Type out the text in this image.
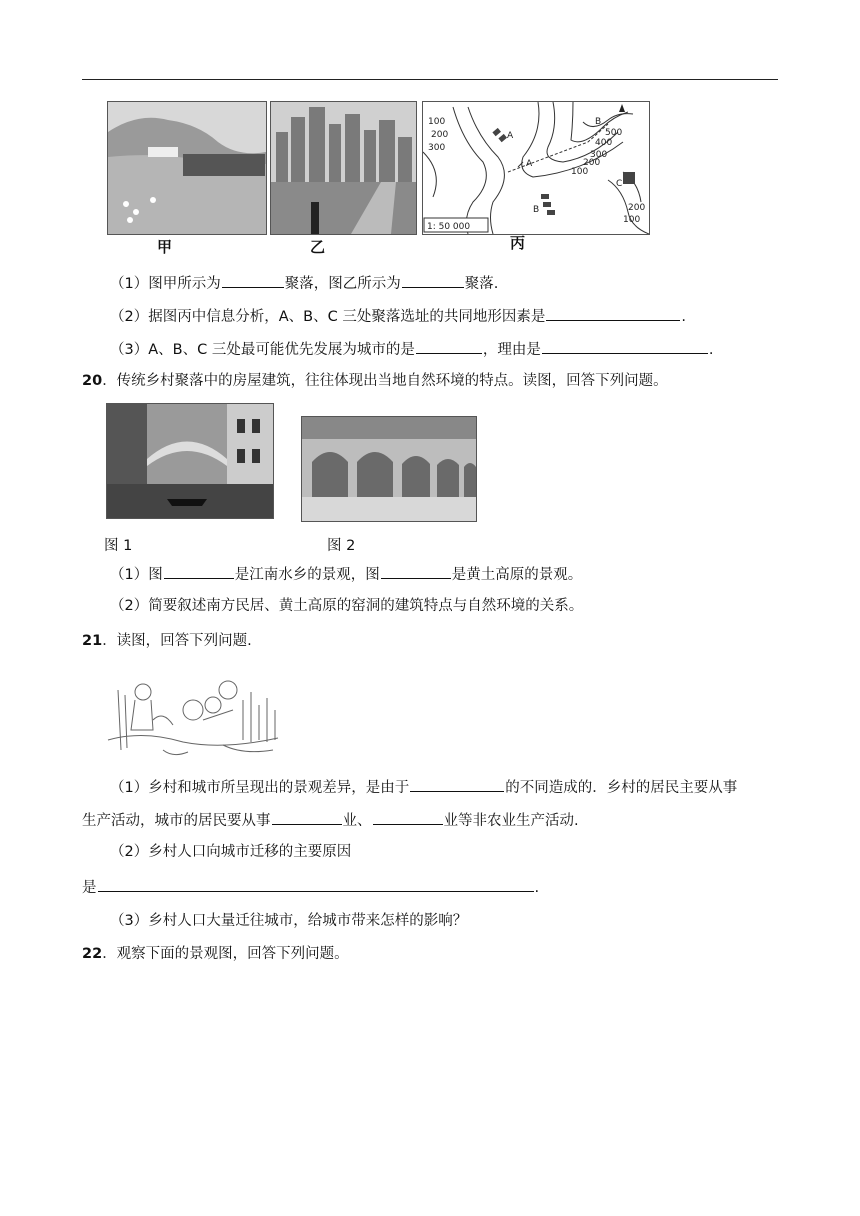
A
A
B
B
C
100
200
300
100
200
300
400
500
200
100
1: 50 000
甲	乙	丙
（1）图甲所示为	聚落，图乙所示为	聚落.
（2）据图丙中信息分析，A、B、C 三处聚落选址的共同地形因素是	.
（3）A、B、C 三处最可能优先发展为城市的是	，理由是	.
20．传统乡村聚落中的房屋建筑，往往体现出当地自然环境的特点。读图，回答下列问题。
图 1	图 2
（1）图	是江南水乡的景观，图	是黄土高原的景观。
（2）简要叙述南方民居、黄土高原的窑洞的建筑特点与自然环境的关系。
21．读图，回答下列问题.
（1）乡村和城市所呈现出的景观差异，是由于	的不同造成的．乡村的居民主要从事
生产活动，城市的居民要从事	业、	业等非农业生产活动.
（2）乡村人口向城市迁移的主要原因
是	.
（3）乡村人口大量迁往城市，给城市带来怎样的影响？
22．观察下面的景观图，回答下列问题。
